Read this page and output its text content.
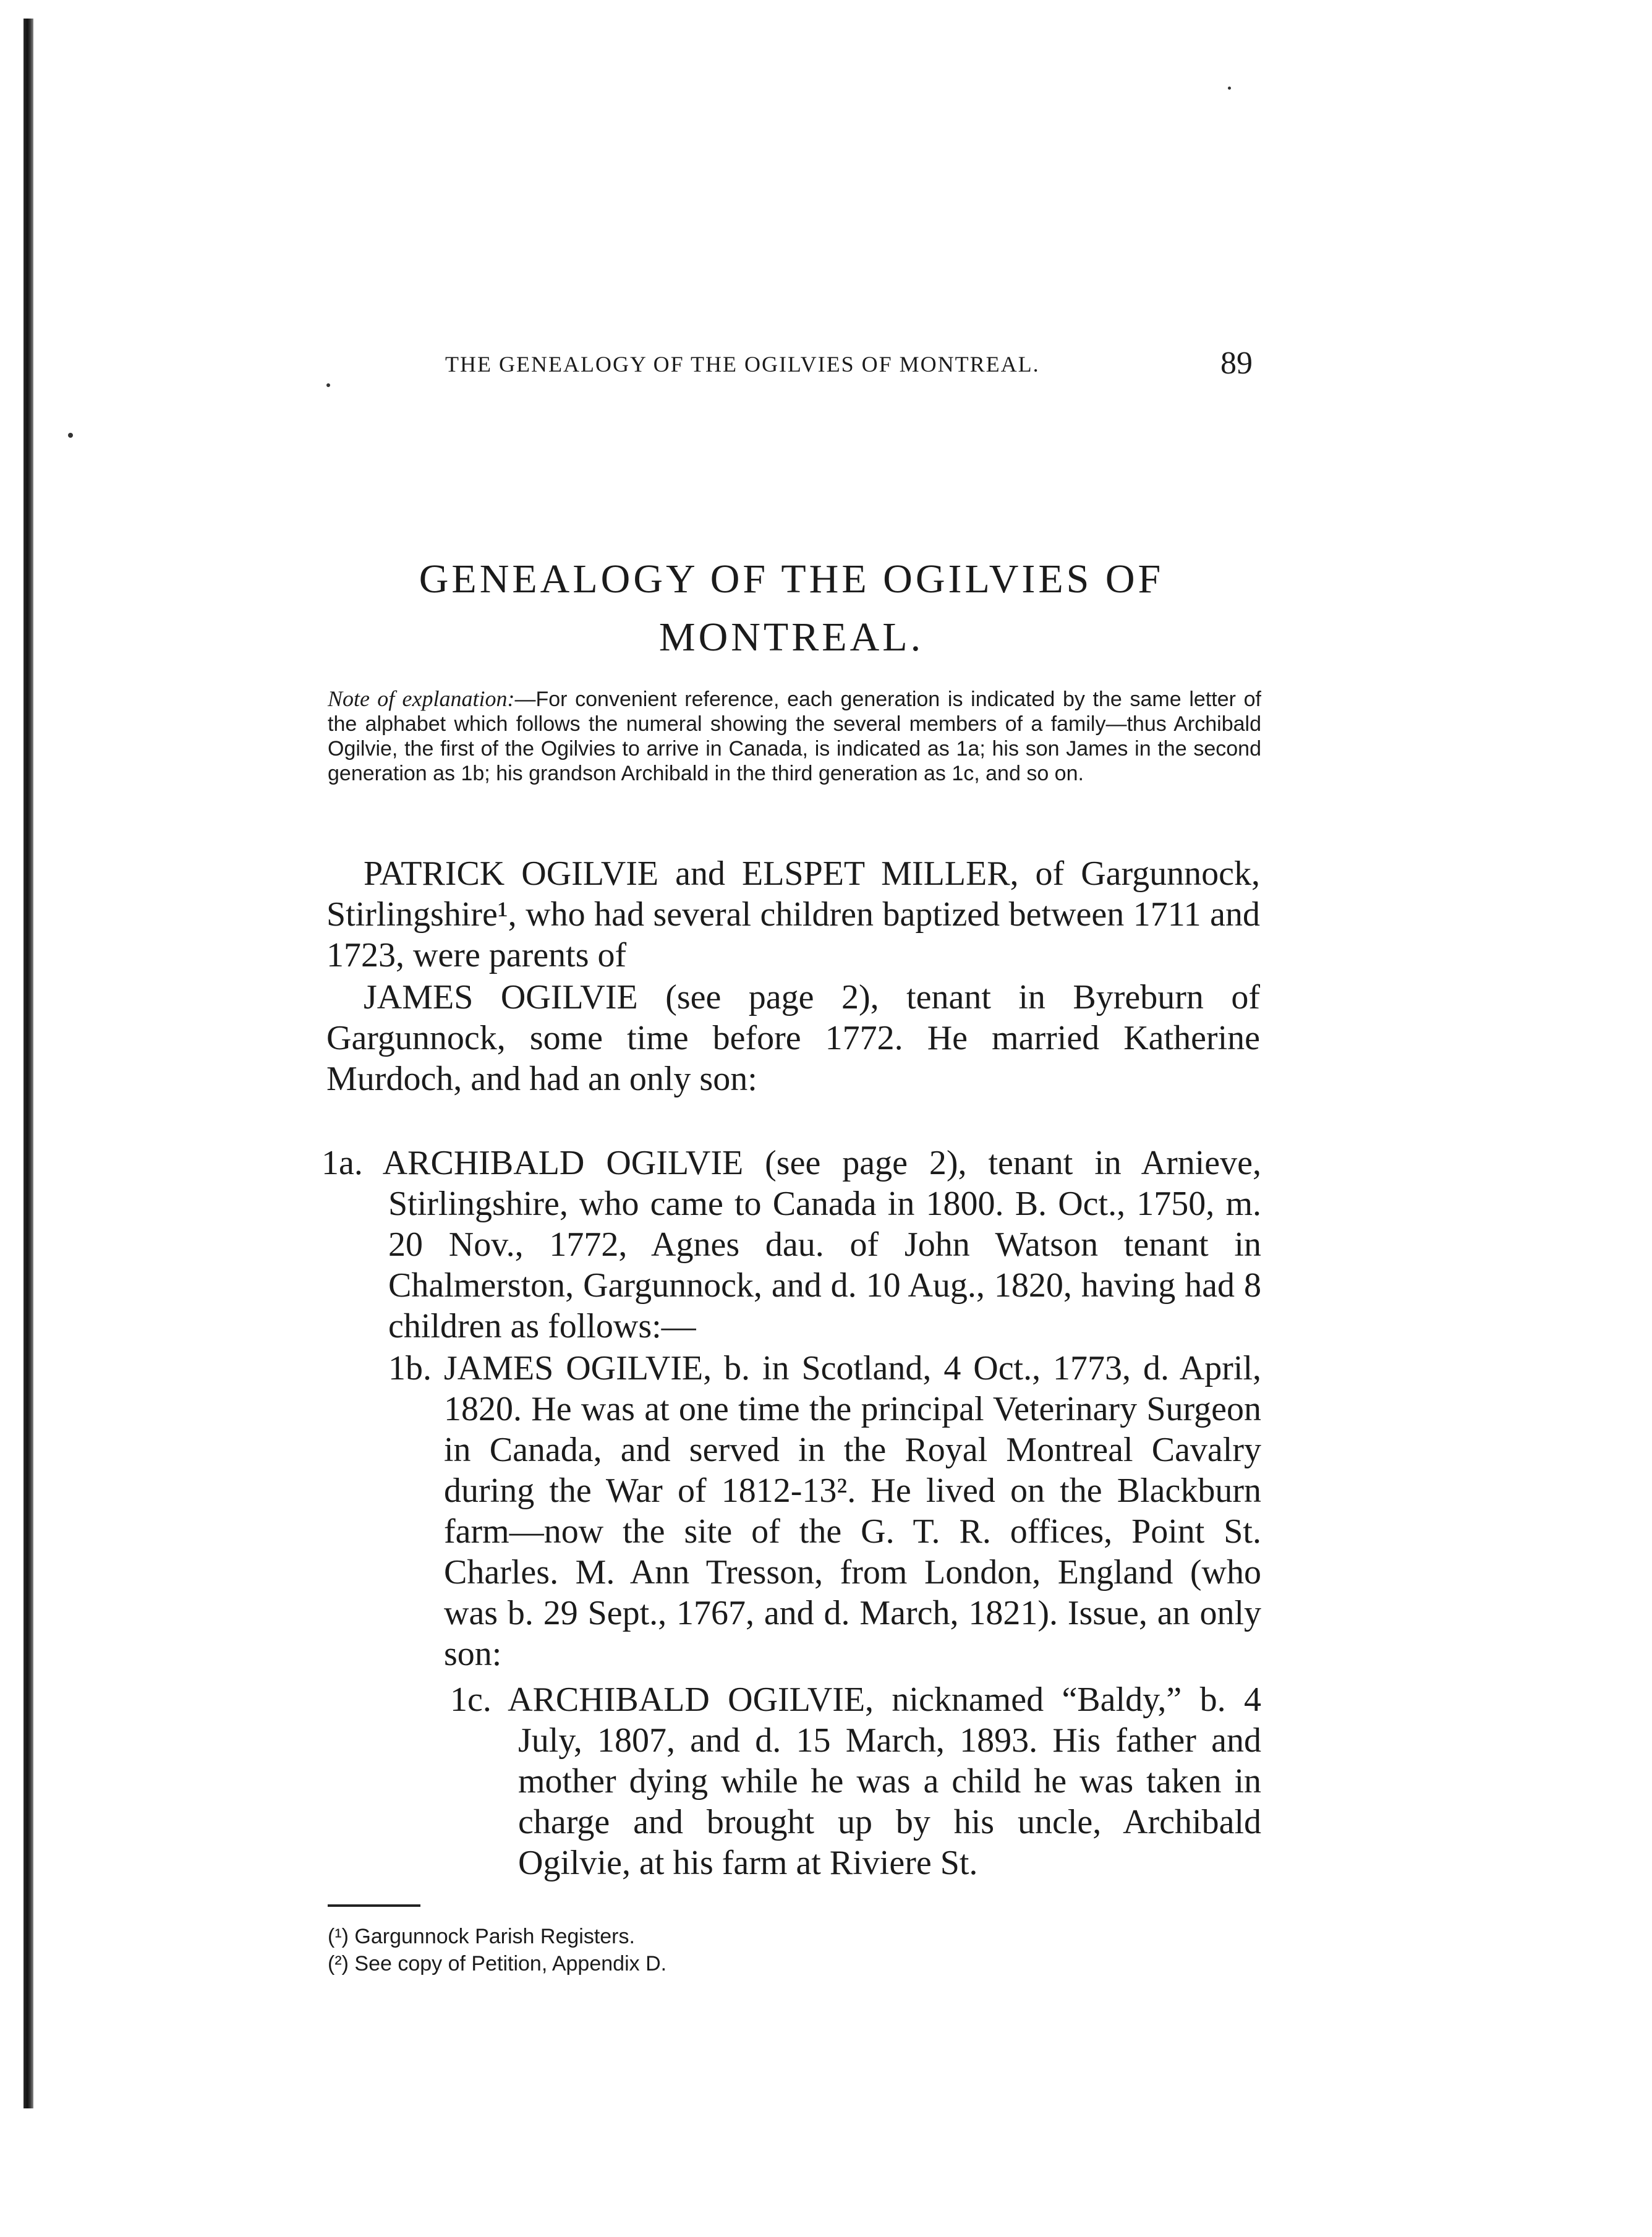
THE GENEALOGY OF THE OGILVIES OF MONTREAL.	89
GENEALOGY OF THE OGILVIES OF
MONTREAL.
Note of explanation:—For convenient reference, each generation is indicated by the same letter of the alphabet which follows the numeral showing the several members of a family—thus Archibald Ogilvie, the first of the Ogilvies to arrive in Canada, is indicated as 1a; his son James in the second generation as 1b; his grandson Archibald in the third generation as 1c, and so on.
PATRICK OGILVIE and ELSPET MILLER, of Gargunnock, Stirlingshire¹, who had several children baptized between 1711 and 1723, were parents of
JAMES OGILVIE (see page 2), tenant in Byreburn of Gargunnock, some time before 1772. He married Katherine Murdoch, and had an only son:
1a. ARCHIBALD OGILVIE (see page 2), tenant in Arnieve, Stirlingshire, who came to Canada in 1800. B. Oct., 1750, m. 20 Nov., 1772, Agnes dau. of John Watson tenant in Chalmerston, Gargunnock, and d. 10 Aug., 1820, having had 8 children as follows:—
1b. JAMES OGILVIE, b. in Scotland, 4 Oct., 1773, d. April, 1820. He was at one time the principal Veterinary Surgeon in Canada, and served in the Royal Montreal Cavalry during the War of 1812-13². He lived on the Blackburn farm—now the site of the G. T. R. offices, Point St. Charles. M. Ann Tresson, from London, England (who was b. 29 Sept., 1767, and d. March, 1821). Issue, an only son:
1c. ARCHIBALD OGILVIE, nicknamed “Baldy,” b. 4 July, 1807, and d. 15 March, 1893. His father and mother dying while he was a child he was taken in charge and brought up by his uncle, Archibald Ogilvie, at his farm at Riviere St.
(¹) Gargunnock Parish Registers.
(²) See copy of Petition, Appendix D.
